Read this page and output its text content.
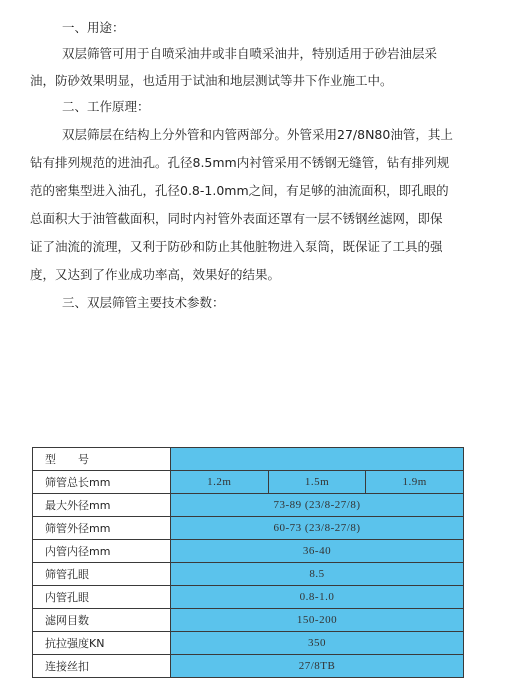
一、用途：
双层筛管可用于自喷采油井或非自喷采油井，特别适用于砂岩油层采
油，防砂效果明显，也适用于试油和地层测试等井下作业施工中。
二、工作原理：
双层筛层在结构上分外管和内管两部分。外管采用27/8N80油管，其上
钻有排列规范的进油孔。孔径8.5mm内衬管采用不锈钢无缝管，钻有排列规
范的密集型进入油孔，孔径0.8-1.0mm之间，有足够的油流面积，即孔眼的
总面积大于油管截面积，同时内衬管外表面还罩有一层不锈钢丝滤网，即保
证了油流的流理，又利于防砂和防止其他脏物进入泵筒，既保证了工具的强
度，又达到了作业成功率高，效果好的结果。
三、双层筛管主要技术参数：
型　　号			
筛管总长mm	1.2m	1.5m	1.9m
最大外径mm	73-89 (23/8-27/8)		
筛管外径mm	60-73 (23/8-27/8)		
内管内径mm	36-40		
筛管孔眼	8.5		
内管孔眼	0.8-1.0		
滤网目数	150-200		
抗拉强度KN	350		
连接丝扣	27/8TB		
